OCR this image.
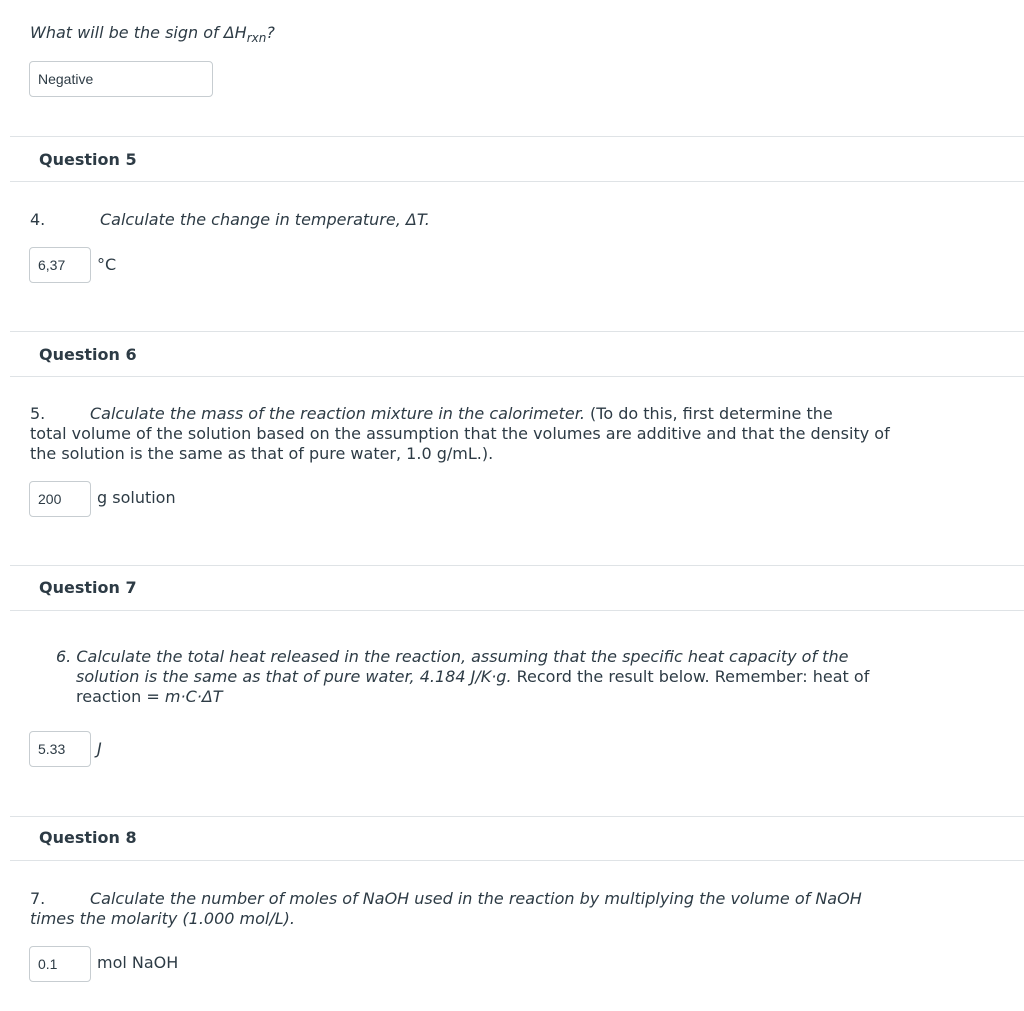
What will be the sign of $\Delta H_{rxn}$?
Negative
Question 5
4.	Calculate the change in temperature, ΔT.
6,37 °C
Question 6
5.	Calculate the mass of the reaction mixture in the calorimeter. (To do this, first determine the
total volume of the solution based on the assumption that the volumes are additive and that the density of
the solution is the same as that of pure water, 1.0 g/mL.).
200 g solution
Question 7
6. Calculate the total heat released in the reaction, assuming that the specific heat capacity of the
solution is the same as that of pure water, 4.184 J/K·g. Record the result below. Remember: heat of
reaction = m·C·ΔT
5.33 J
Question 8
7.	Calculate the number of moles of NaOH used in the reaction by multiplying the volume of NaOH
times the molarity (1.000 mol/L).
0.1 mol NaOH
